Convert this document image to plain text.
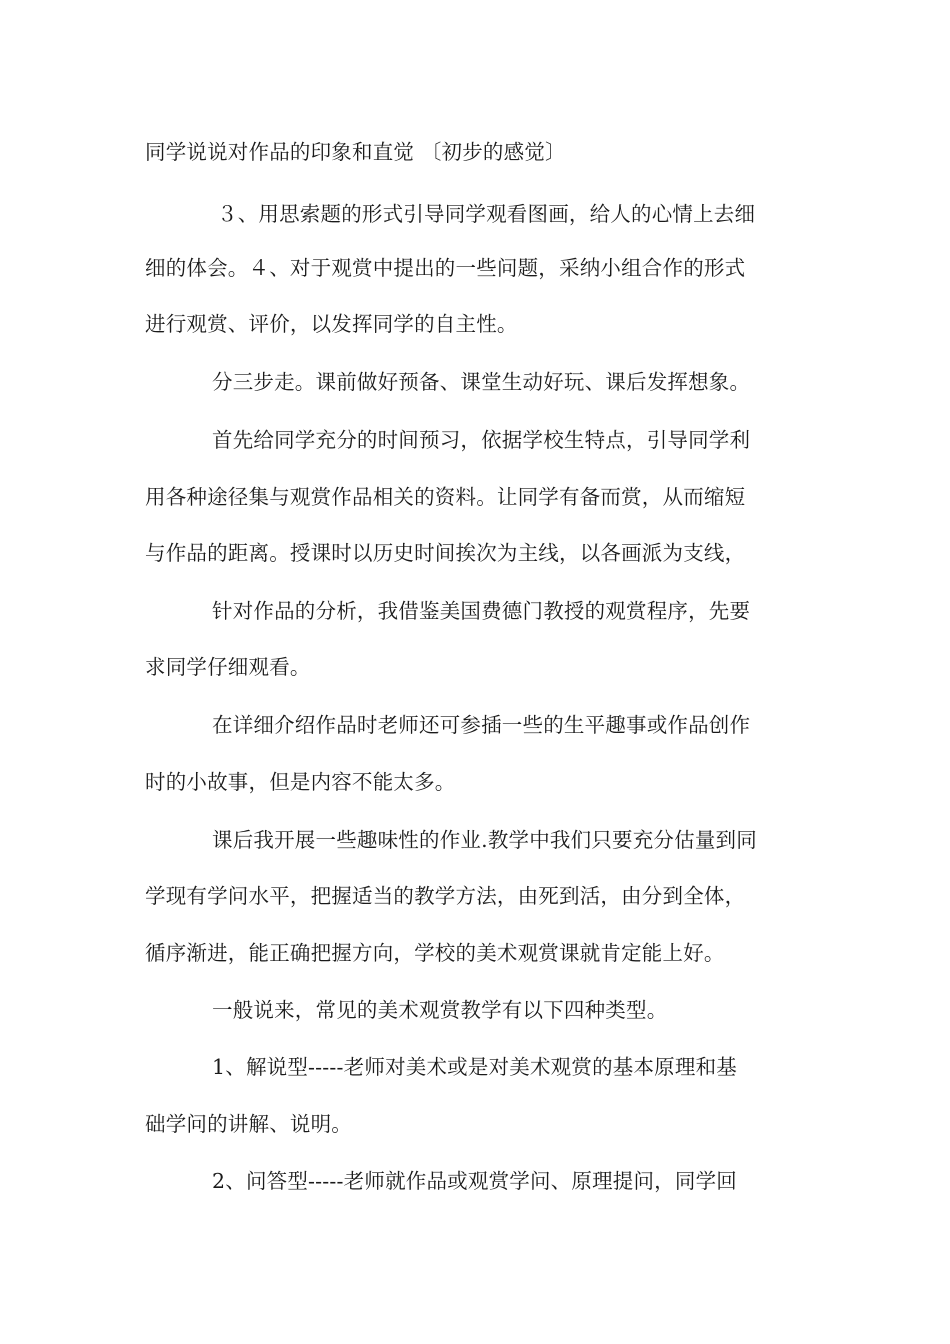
同学说说对作品的印象和直觉 〔初步的感觉〕
３、用思索题的形式引导同学观看图画，给人的心情上去细
细的体会。４、对于观赏中提出的一些问题，采纳小组合作的形式
进行观赏、评价，以发挥同学的自主性。
分三步走。课前做好预备、课堂生动好玩、课后发挥想象。
首先给同学充分的时间预习，依据学校生特点，引导同学利
用各种途径集与观赏作品相关的资料。让同学有备而赏，从而缩短
与作品的距离。授课时以历史时间挨次为主线，以各画派为支线，
针对作品的分析，我借鉴美国费德门教授的观赏程序，先要
求同学仔细观看。
在详细介绍作品时老师还可参插一些的生平趣事或作品创作
时的小故事，但是内容不能太多。
课后我开展一些趣味性的作业.教学中我们只要充分估量到同
学现有学问水平，把握适当的教学方法，由死到活，由分到全体，
循序渐进，能正确把握方向，学校的美术观赏课就肯定能上好。
一般说来，常见的美术观赏教学有以下四种类型。
1、解说型-----老师对美术或是对美术观赏的基本原理和基
础学问的讲解、说明。
2、问答型-----老师就作品或观赏学问、原理提问，同学回
